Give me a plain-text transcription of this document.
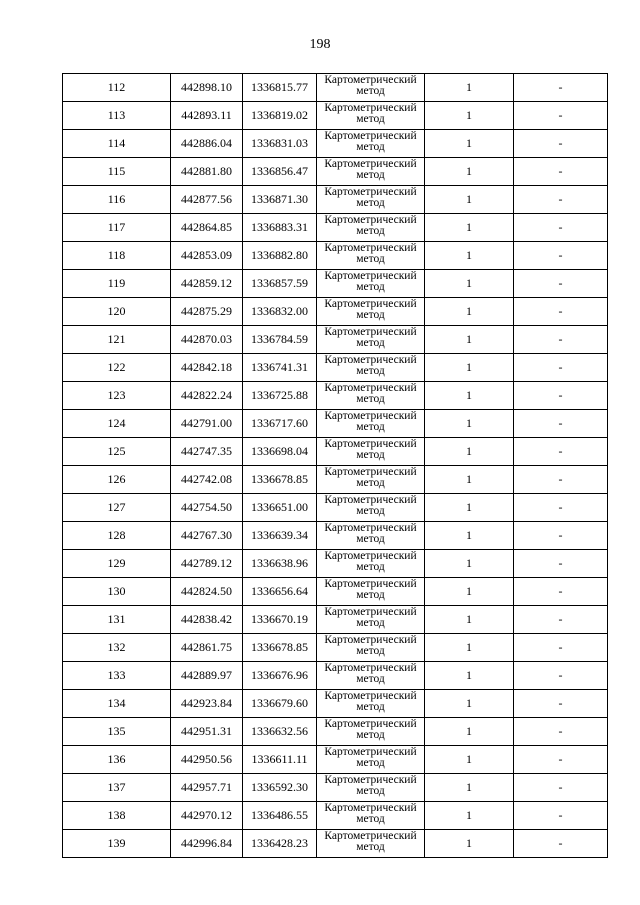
198
112	442898.10	1336815.77	Картометрический метод	1	-
113	442893.11	1336819.02	Картометрический метод	1	-
114	442886.04	1336831.03	Картометрический метод	1	-
115	442881.80	1336856.47	Картометрический метод	1	-
116	442877.56	1336871.30	Картометрический метод	1	-
117	442864.85	1336883.31	Картометрический метод	1	-
118	442853.09	1336882.80	Картометрический метод	1	-
119	442859.12	1336857.59	Картометрический метод	1	-
120	442875.29	1336832.00	Картометрический метод	1	-
121	442870.03	1336784.59	Картометрический метод	1	-
122	442842.18	1336741.31	Картометрический метод	1	-
123	442822.24	1336725.88	Картометрический метод	1	-
124	442791.00	1336717.60	Картометрический метод	1	-
125	442747.35	1336698.04	Картометрический метод	1	-
126	442742.08	1336678.85	Картометрический метод	1	-
127	442754.50	1336651.00	Картометрический метод	1	-
128	442767.30	1336639.34	Картометрический метод	1	-
129	442789.12	1336638.96	Картометрический метод	1	-
130	442824.50	1336656.64	Картометрический метод	1	-
131	442838.42	1336670.19	Картометрический метод	1	-
132	442861.75	1336678.85	Картометрический метод	1	-
133	442889.97	1336676.96	Картометрический метод	1	-
134	442923.84	1336679.60	Картометрический метод	1	-
135	442951.31	1336632.56	Картометрический метод	1	-
136	442950.56	1336611.11	Картометрический метод	1	-
137	442957.71	1336592.30	Картометрический метод	1	-
138	442970.12	1336486.55	Картометрический метод	1	-
139	442996.84	1336428.23	Картометрический метод	1	-
